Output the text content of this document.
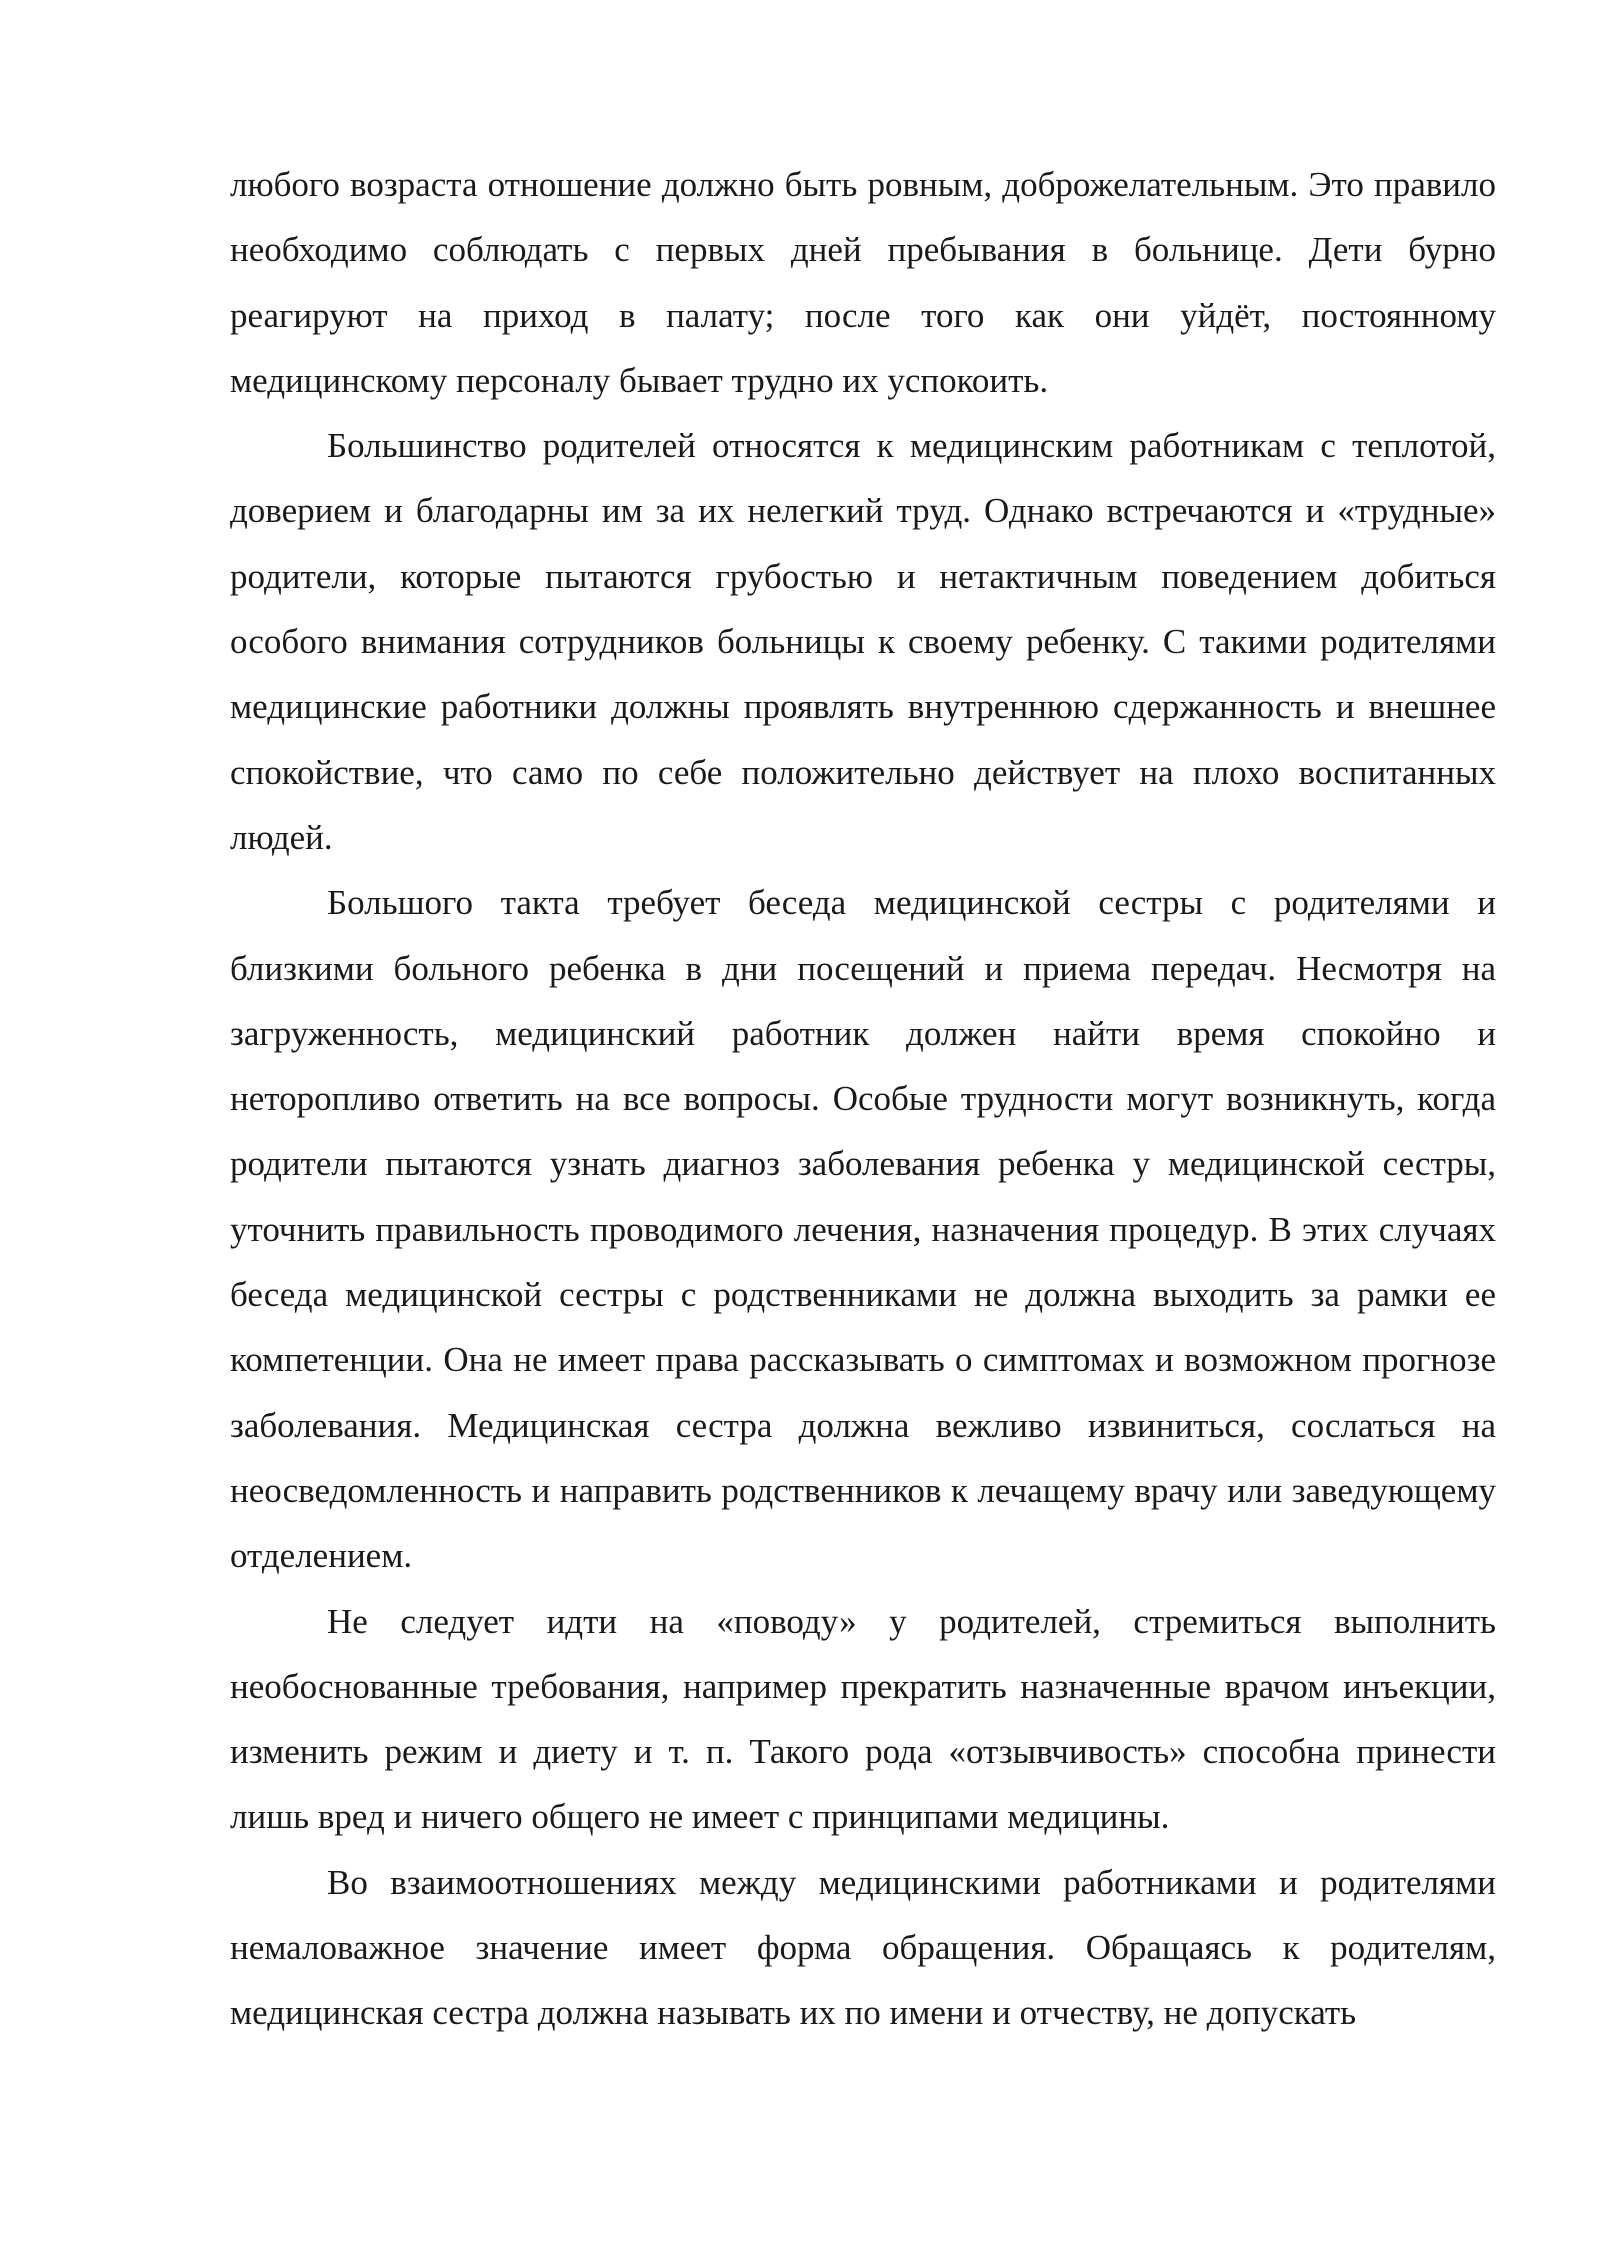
любого возраста отношение должно быть ровным, доброжелательным. Это правило необходимо соблюдать с первых дней пребывания в больнице. Дети бурно реагируют на приход в палату; после того как они уйдёт, постоянному медицинскому персоналу бывает трудно их успокоить.

Большинство родителей относятся к медицинским работникам с теплотой, доверием и благодарны им за их нелегкий труд. Однако встречаются и «трудные» родители, которые пытаются грубостью и нетактичным поведением добиться особого внимания сотрудников больницы к своему ребенку. С такими родителями медицинские работники должны проявлять внутреннюю сдержанность и внешнее спокойствие, что само по себе положительно действует на плохо воспитанных людей.

Большого такта требует беседа медицинской сестры с родителями и близкими больного ребенка в дни посещений и приема передач. Несмотря на загруженность, медицинский работник должен найти время спокойно и неторопливо ответить на все вопросы. Особые трудности могут возникнуть, когда родители пытаются узнать диагноз заболевания ребенка у медицинской сестры, уточнить правильность проводимого лечения, назначения процедур. В этих случаях беседа медицинской сестры с родственниками не должна выходить за рамки ее компетенции. Она не имеет права рассказывать о симптомах и возможном прогнозе заболевания. Медицинская сестра должна вежливо извиниться, сослаться на неосведомленность и направить родственников к лечащему врачу или заведующему отделением.

Не следует идти на «поводу» у родителей, стремиться выполнить необоснованные требования, например прекратить назначенные врачом инъекции, изменить режим и диету и т. п. Такого рода «отзывчивость» способна принести лишь вред и ничего общего не имеет с принципами медицины.

Во взаимоотношениях между медицинскими работниками и родителями немаловажное значение имеет форма обращения. Обращаясь к родителям, медицинская сестра должна называть их по имени и отчеству, не допускать
